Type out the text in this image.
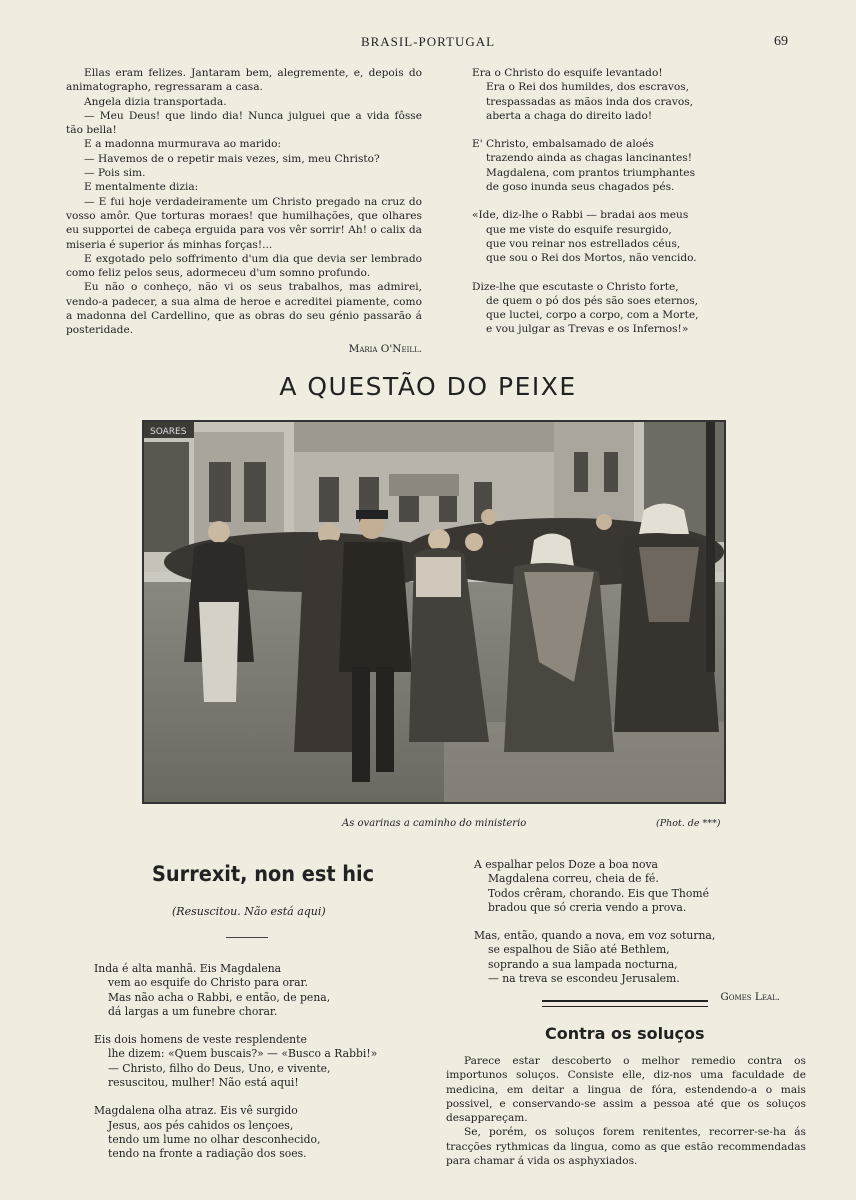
BRASIL-PORTUGAL	69

Ellas eram felizes. Jantaram bem, alegremente, e, depois do animatographo, regressaram a casa.

Angela dizia transportada.

— Meu Deus! que lindo dia! Nunca julguei que a vida fôsse tão bella!

E a madonna murmurava ao marido:

— Havemos de o repetir mais vezes, sim, meu Christo?

— Pois sim.

E mentalmente dizia:

— E fui hoje verdadeiramente um Christo pregado na cruz do vosso amôr. Que torturas moraes! que humilhações, que olhares eu supportei de cabeça erguida para vos vêr sorrir! Ah! o calix da miseria é superior ás minhas forças!...

E exgotado pelo soffrimento d'um dia que devia ser lembrado como feliz pelos seus, adormeceu d'um somno profundo.

Eu não o conheço, não vi os seus trabalhos, mas admirei, vendo-a padecer, a sua alma de heroe e acreditei piamente, como a madonna del Cardellino, que as obras do seu génio passarão á posteridade.

Maria O'Neill.

Era o Christo do esquife levantado!

Era o Rei dos humildes, dos escravos,

trespassadas as mãos inda dos cravos,

aberta a chaga do direito lado!

E' Christo, embalsamado de aloés

trazendo ainda as chagas lancinantes!

Magdalena, com prantos triumphantes

de goso inunda seus chagados pés.

«Ide, diz-lhe o Rabbi — bradai aos meus

que me viste do esquife resurgido,

que vou reinar nos estrellados céus,

que sou o Rei dos Mortos, não vencido.

Dize-lhe que escutaste o Christo forte,

de quem o pó dos pés são soes eternos,

que luctei, corpo a corpo, com a Morte,

e vou julgar as Trevas e os Infernos!»

A QUESTÃO DO PEIXE
SOARES
As ovarinas a caminho do ministerio	(Phot. de ***)
Surrexit, non est hic
(Resuscitou. Não está aqui)

Inda é alta manhã. Eis Magdalena

vem ao esquife do Christo para orar.

Mas não acha o Rabbi, e então, de pena,

dá largas a um funebre chorar.

Eis dois homens de veste resplendente

lhe dizem: «Quem buscais?» — «Busco a Rabbi!»

— Christo, filho do Deus, Uno, e vivente,

resuscitou, mulher! Não está aqui!

Magdalena olha atraz. Eis vê surgido

Jesus, aos pés cahidos os lençoes,

tendo um lume no olhar desconhecido,

tendo na fronte a radiação dos soes.

A espalhar pelos Doze a boa nova

Magdalena correu, cheia de fé.

Todos crêram, chorando. Eis que Thomé

bradou que só creria vendo a prova.

Mas, então, quando a nova, em voz soturna,

se espalhou de Sião até Bethlem,

soprando a sua lampada nocturna,

— na treva se escondeu Jerusalem.

Gomes Leal.
Contra os soluços

Parece estar descoberto o melhor remedio contra os importunos soluços. Consiste elle, diz-nos uma faculdade de medicina, em deitar a lingua de fóra, estendendo-a o mais possivel, e conservando-se assim a pessoa até que os soluços desappareçam.

Se, porém, os soluços forem renitentes, recorrer-se-ha ás tracções rythmicas da lingua, como as que estão recommendadas para chamar á vida os asphyxiados.
